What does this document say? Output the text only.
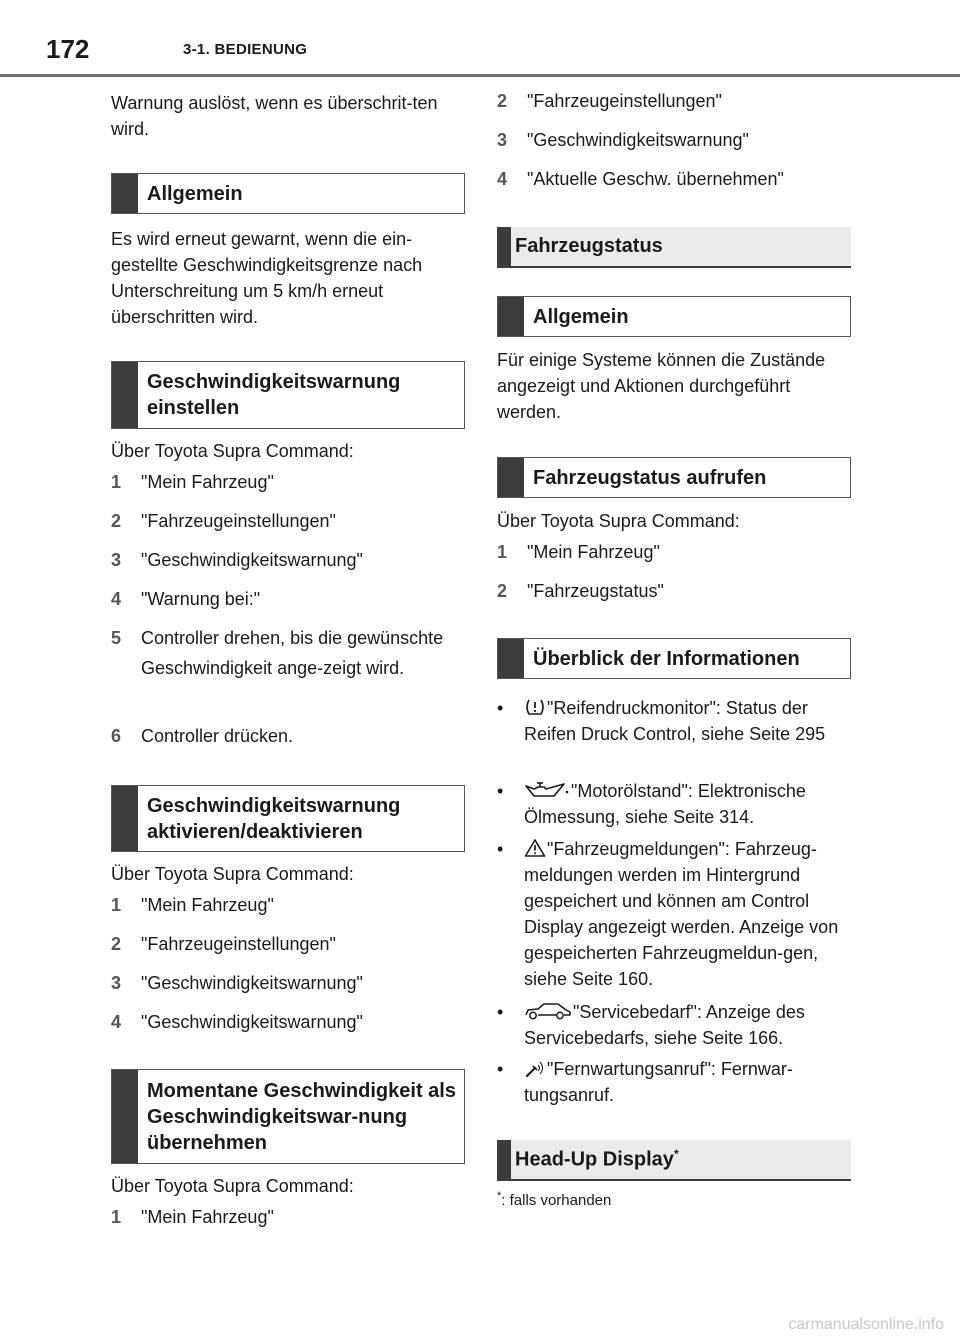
172	3-1. BEDIENUNG
Warnung auslöst, wenn es überschrit-ten wird.
Allgemein
Es wird erneut gewarnt, wenn die ein-gestellte Geschwindigkeitsgrenze nach Unterschreitung um 5 km/h erneut überschritten wird.
Geschwindigkeitswarnung einstellen
Über Toyota Supra Command:
1 "Mein Fahrzeug"
2 "Fahrzeugeinstellungen"
3 "Geschwindigkeitswarnung"
4 "Warnung bei:"
5 Controller drehen, bis die gewünschte Geschwindigkeit ange-zeigt wird.
6 Controller drücken.
Geschwindigkeitswarnung aktivieren/deaktivieren
Über Toyota Supra Command:
1 "Mein Fahrzeug"
2 "Fahrzeugeinstellungen"
3 "Geschwindigkeitswarnung"
4 "Geschwindigkeitswarnung"
Momentane Geschwindigkeit als Geschwindigkeitswar-nung übernehmen
Über Toyota Supra Command:
1 "Mein Fahrzeug"
2 "Fahrzeugeinstellungen"
3 "Geschwindigkeitswarnung"
4 "Aktuelle Geschw. übernehmen"
Fahrzeugstatus
Allgemein
Für einige Systeme können die Zustände angezeigt und Aktionen durchgeführt werden.
Fahrzeugstatus aufrufen
Über Toyota Supra Command:
1 "Mein Fahrzeug"
2 "Fahrzeugstatus"
Überblick der Informationen
•	"Reifendruckmonitor": Status der Reifen Druck Control, siehe Seite 295
•	"Motorölstand": Elektronische Ölmessung, siehe Seite 314.
•	"Fahrzeugmeldungen": Fahrzeug-meldungen werden im Hintergrund gespeichert und können am Control Display angezeigt werden. Anzeige von gespeicherten Fahrzeugmeldun-gen, siehe Seite 160.
•	"Servicebedarf": Anzeige des Servicebedarfs, siehe Seite 166.
•	"Fernwartungsanruf": Fernwar-tungsanruf.
Head-Up Display*
*: falls vorhanden
carmanualsonline.info
